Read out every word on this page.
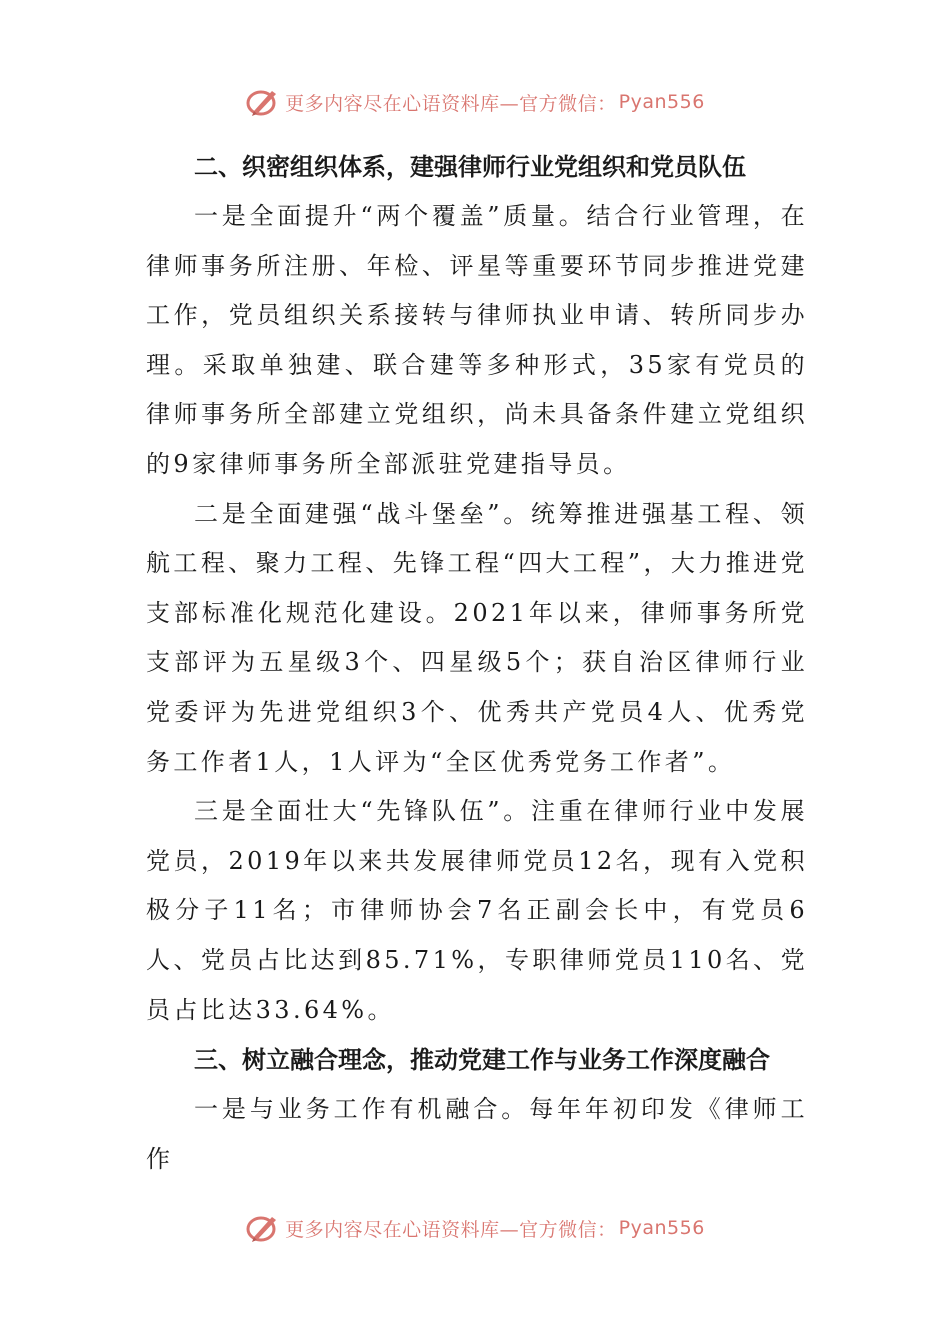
更多内容尽在心语资料库—官方微信： Pyan556

二、织密组织体系，建强律师行业党组织和党员队伍

一是全面提升“两个覆盖”质量。结合行业管理，在律师事务所注册、年检、评星等重要环节同步推进党建工作，党员组织关系接转与律师执业申请、转所同步办理。采取单独建、联合建等多种形式，35家有党员的律师事务所全部建立党组织，尚未具备条件建立党组织的9家律师事务所全部派驻党建指导员。

二是全面建强“战斗堡垒”。统筹推进强基工程、领航工程、聚力工程、先锋工程“四大工程”，大力推进党支部标准化规范化建设。2021年以来，律师事务所党支部评为五星级3个、四星级5个；获自治区律师行业党委评为先进党组织3个、优秀共产党员4人、优秀党务工作者1人，1人评为“全区优秀党务工作者”。

三是全面壮大“先锋队伍”。注重在律师行业中发展党员，2019年以来共发展律师党员12名，现有入党积极分子11名；市律师协会7名正副会长中，有党员6人、党员占比达到85.71%，专职律师党员110名、党员占比达33.64%。

三、树立融合理念，推动党建工作与业务工作深度融合

一是与业务工作有机融合。每年年初印发《律师工作

更多内容尽在心语资料库—官方微信： Pyan556
